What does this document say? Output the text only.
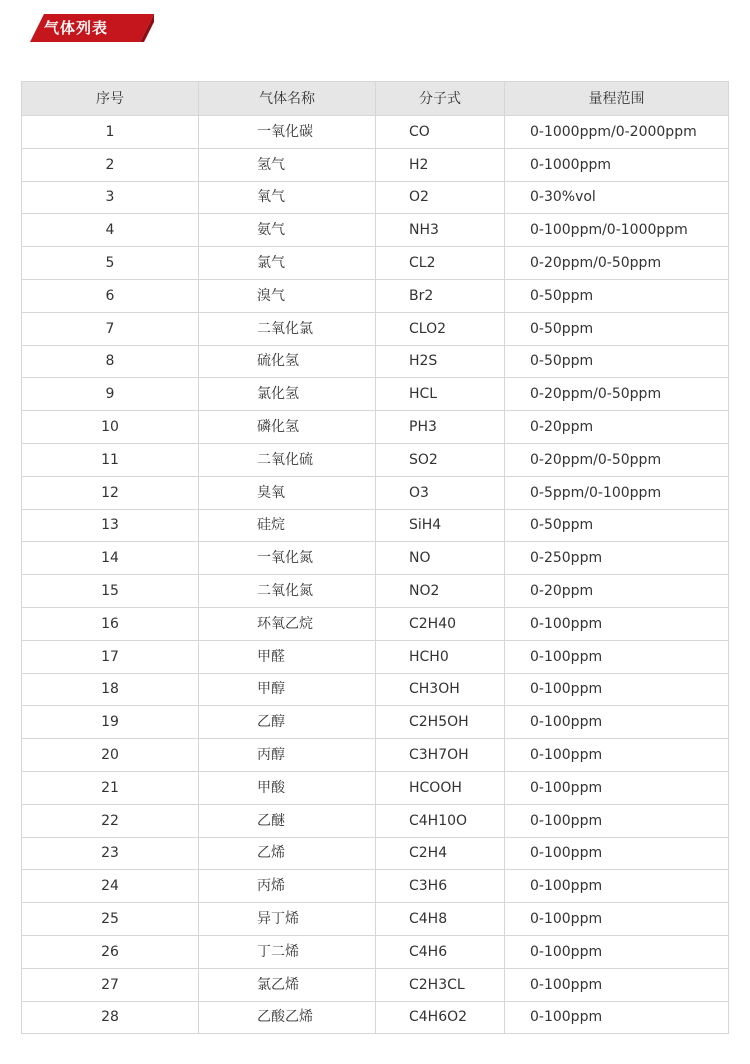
气体列表
序号	气体名称	分子式	量程范围
1	一氧化碳	CO	0-1000ppm/0-2000ppm
2	氢气	H2	0-1000ppm
3	氧气	O2	0-30%vol
4	氨气	NH3	0-100ppm/0-1000ppm
5	氯气	CL2	0-20ppm/0-50ppm
6	溴气	Br2	0-50ppm
7	二氧化氯	CLO2	0-50ppm
8	硫化氢	H2S	0-50ppm
9	氯化氢	HCL	0-20ppm/0-50ppm
10	磷化氢	PH3	0-20ppm
11	二氧化硫	SO2	0-20ppm/0-50ppm
12	臭氧	O3	0-5ppm/0-100ppm
13	硅烷	SiH4	0-50ppm
14	一氧化氮	NO	0-250ppm
15	二氧化氮	NO2	0-20ppm
16	环氧乙烷	C2H40	0-100ppm
17	甲醛	HCH0	0-100ppm
18	甲醇	CH3OH	0-100ppm
19	乙醇	C2H5OH	0-100ppm
20	丙醇	C3H7OH	0-100ppm
21	甲酸	HCOOH	0-100ppm
22	乙醚	C4H10O	0-100ppm
23	乙烯	C2H4	0-100ppm
24	丙烯	C3H6	0-100ppm
25	异丁烯	C4H8	0-100ppm
26	丁二烯	C4H6	0-100ppm
27	氯乙烯	C2H3CL	0-100ppm
28	乙酸乙烯	C4H6O2	0-100ppm
